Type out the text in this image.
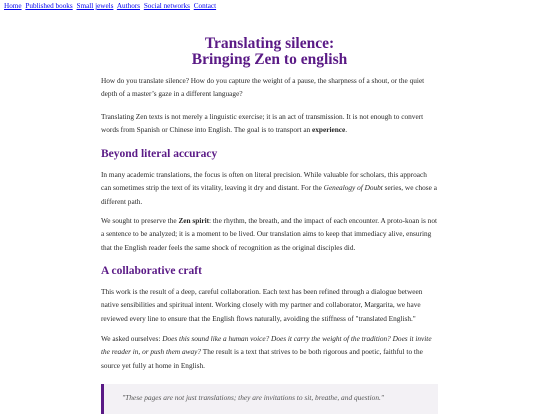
Home Published books Small jewels Authors Social networks Contact
Translating silence:
Bringing Zen to english

How do you translate silence? How do you capture the weight of a pause, the sharpness of a shout, or the quiet depth of a master’s gaze in a different language?

Translating Zen texts is not merely a linguistic exercise; it is an act of transmission. It is not enough to convert words from Spanish or Chinese into English. The goal is to transport an experience.

Beyond literal accuracy

In many academic translations, the focus is often on literal precision. While valuable for scholars, this approach can sometimes strip the text of its vitality, leaving it dry and distant. For the Genealogy of Doubt series, we chose a different path.

We sought to preserve the Zen spirit: the rhythm, the breath, and the impact of each encounter. A proto-koan is not a sentence to be analyzed; it is a moment to be lived. Our translation aims to keep that immediacy alive, ensuring that the English reader feels the same shock of recognition as the original disciples did.

A collaborative craft

This work is the result of a deep, careful collaboration. Each text has been refined through a dialogue between native sensibilities and spiritual intent. Working closely with my partner and collaborator, Margarita, we have reviewed every line to ensure that the English flows naturally, avoiding the stiffness of "translated English."

We asked ourselves: Does this sound like a human voice? Does it carry the weight of the tradition? Does it invite the reader in, or push them away? The result is a text that strives to be both rigorous and poetic, faithful to the source yet fully at home in English.

"These pages are not just translations; they are invitations to sit, breathe, and question."
